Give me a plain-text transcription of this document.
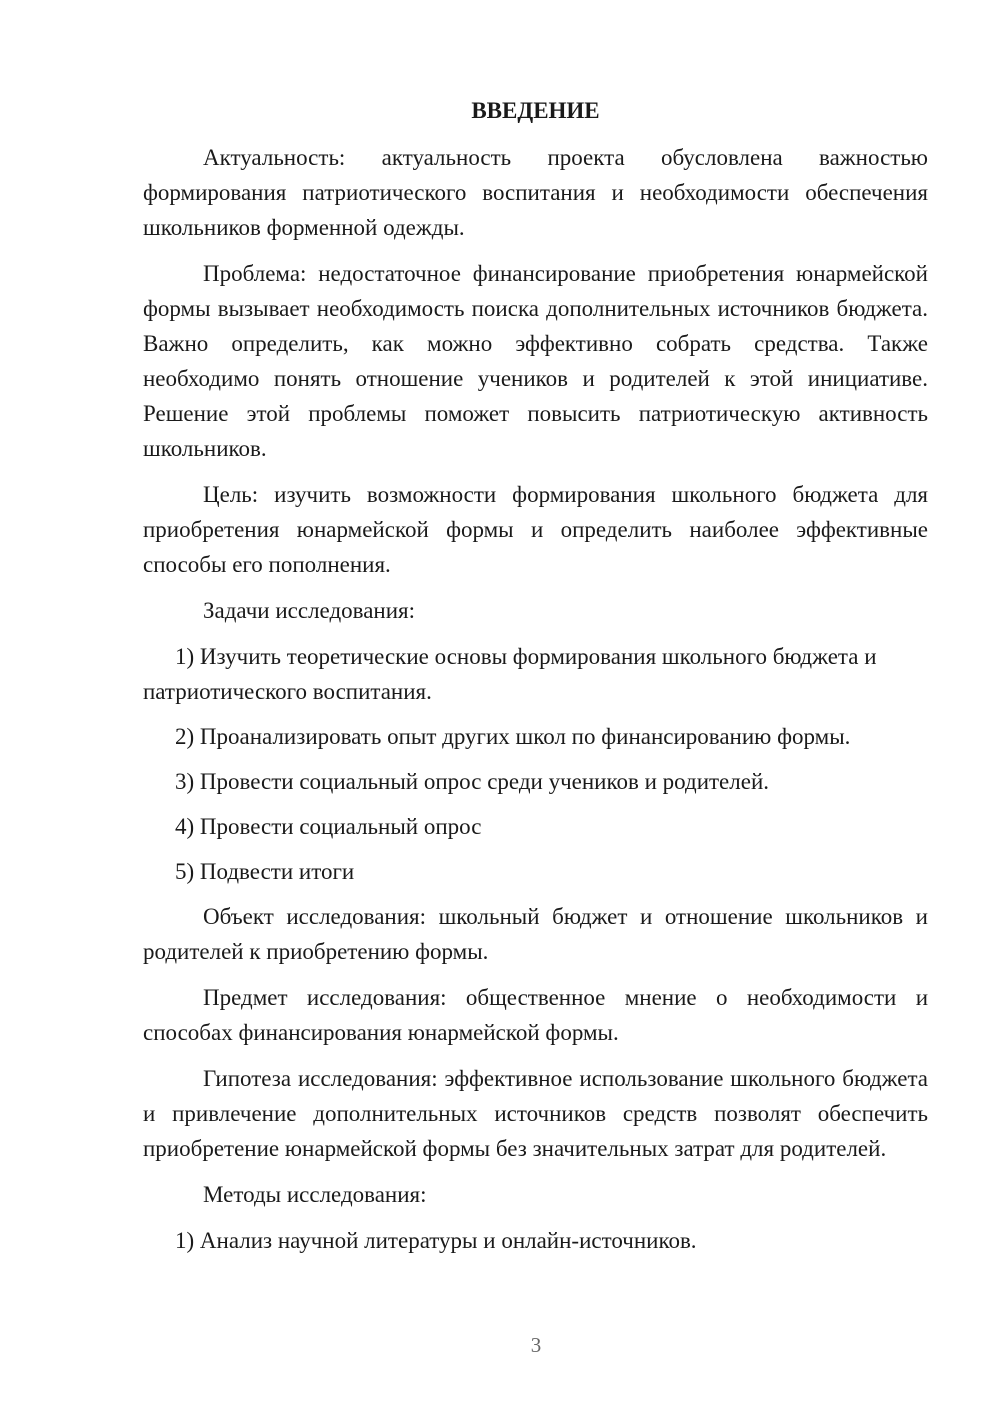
ВВЕДЕНИЕ

Актуальность: актуальность проекта обусловлена важностью формирования патриотического воспитания и необходимости обеспечения школьников форменной одежды.

Проблема: недостаточное финансирование приобретения юнармейской формы вызывает необходимость поиска дополнительных источников бюджета. Важно определить, как можно эффективно собрать средства. Также необходимо понять отношение учеников и родителей к этой инициативе. Решение этой проблемы поможет повысить патриотическую активность школьников.

Цель: изучить возможности формирования школьного бюджета для приобретения юнармейской формы и определить наиболее эффективные способы его пополнения.

Задачи исследования:

1) Изучить теоретические основы формирования школьного бюджета и патриотического воспитания.

2) Проанализировать опыт других школ по финансированию формы.

3) Провести социальный опрос среди учеников и родителей.

4) Провести социальный опрос

5) Подвести итоги

Объект исследования: школьный бюджет и отношение школьников и родителей к приобретению формы.

Предмет исследования: общественное мнение о необходимости и способах финансирования юнармейской формы.

Гипотеза исследования: эффективное использование школьного бюджета и привлечение дополнительных источников средств позволят обеспечить приобретение юнармейской формы без значительных затрат для родителей.

Методы исследования:

1) Анализ научной литературы и онлайн-источников.

3
